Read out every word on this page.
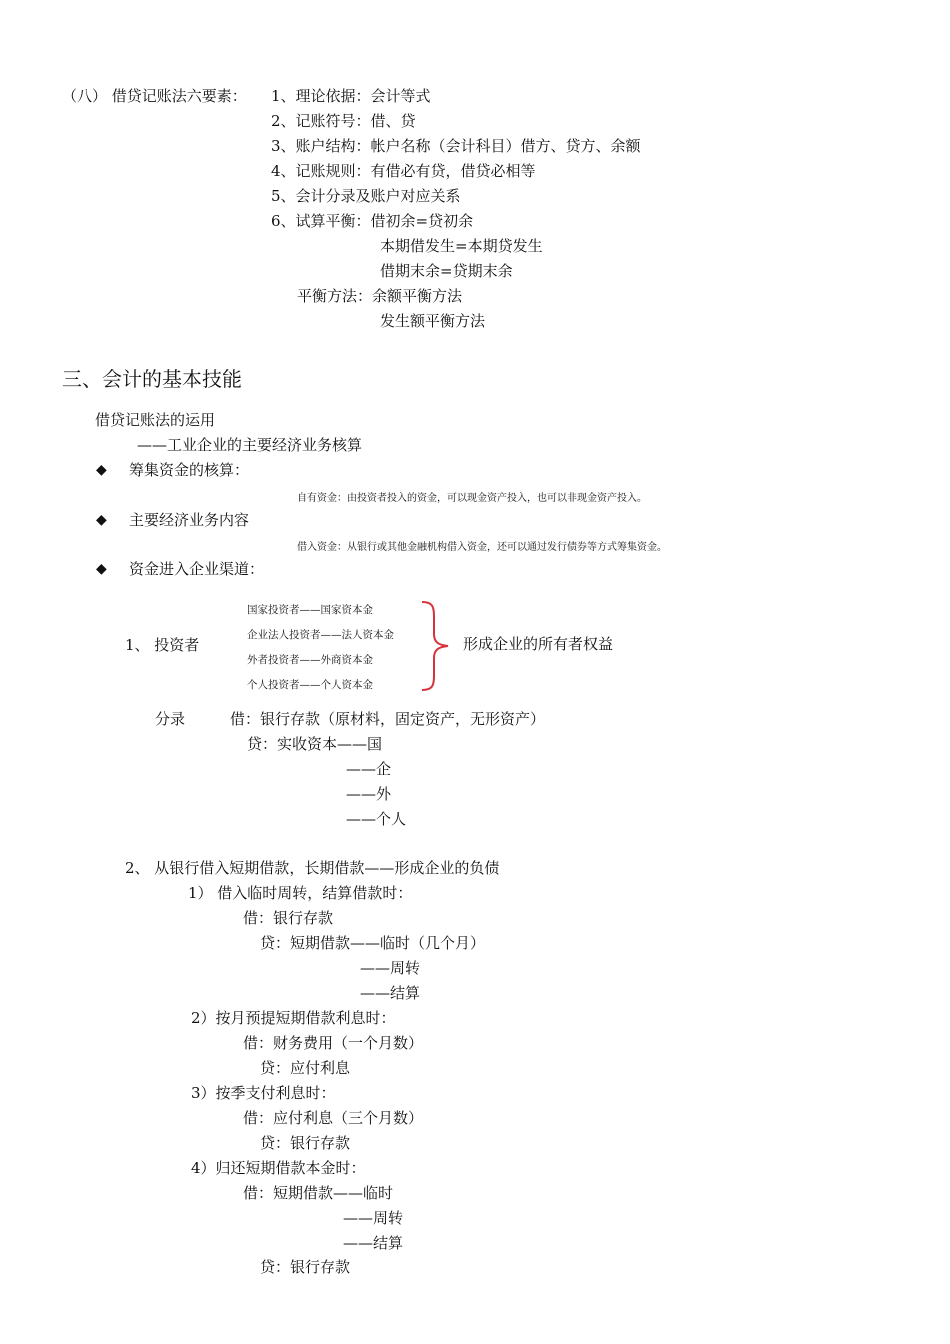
（八） 借贷记账法六要素： 1、理论依据：会计等式
2、记账符号：借、贷
3、账户结构：帐户名称（会计科目）借方、贷方、余额
4、记账规则：有借必有贷，借贷必相等
5、会计分录及账户对应关系
6、试算平衡：借初余=贷初余
本期借发生=本期贷发生
借期末余=贷期末余
平衡方法：余额平衡方法
发生额平衡方法
三、会计的基本技能
借贷记账法的运用
——工业企业的主要经济业务核算
◆ 筹集资金的核算：
自有资金：由投资者投入的资金，可以现金资产投入，也可以非现金资产投入。
◆ 主要经济业务内容
借入资金：从银行或其他金融机构借入资金，还可以通过发行债券等方式筹集资金。
◆ 资金进入企业渠道：
1、 投资者
国家投资者——国家资本金
企业法人投资者——法人资本金
外者投资者——外商资本金
个人投资者——个人资本金
形成企业的所有者权益
分录	借：银行存款（原材料，固定资产，无形资产）
贷：实收资本——国
——企
——外
——个人
2、 从银行借入短期借款，长期借款——形成企业的负债
1） 借入临时周转，结算借款时：
借：银行存款
贷：短期借款——临时（几个月）
——周转
——结算
2）按月预提短期借款利息时：
借：财务费用（一个月数）
贷：应付利息
3）按季支付利息时：
借：应付利息（三个月数）
贷：银行存款
4）归还短期借款本金时：
借：短期借款——临时
——周转
——结算
贷：银行存款
